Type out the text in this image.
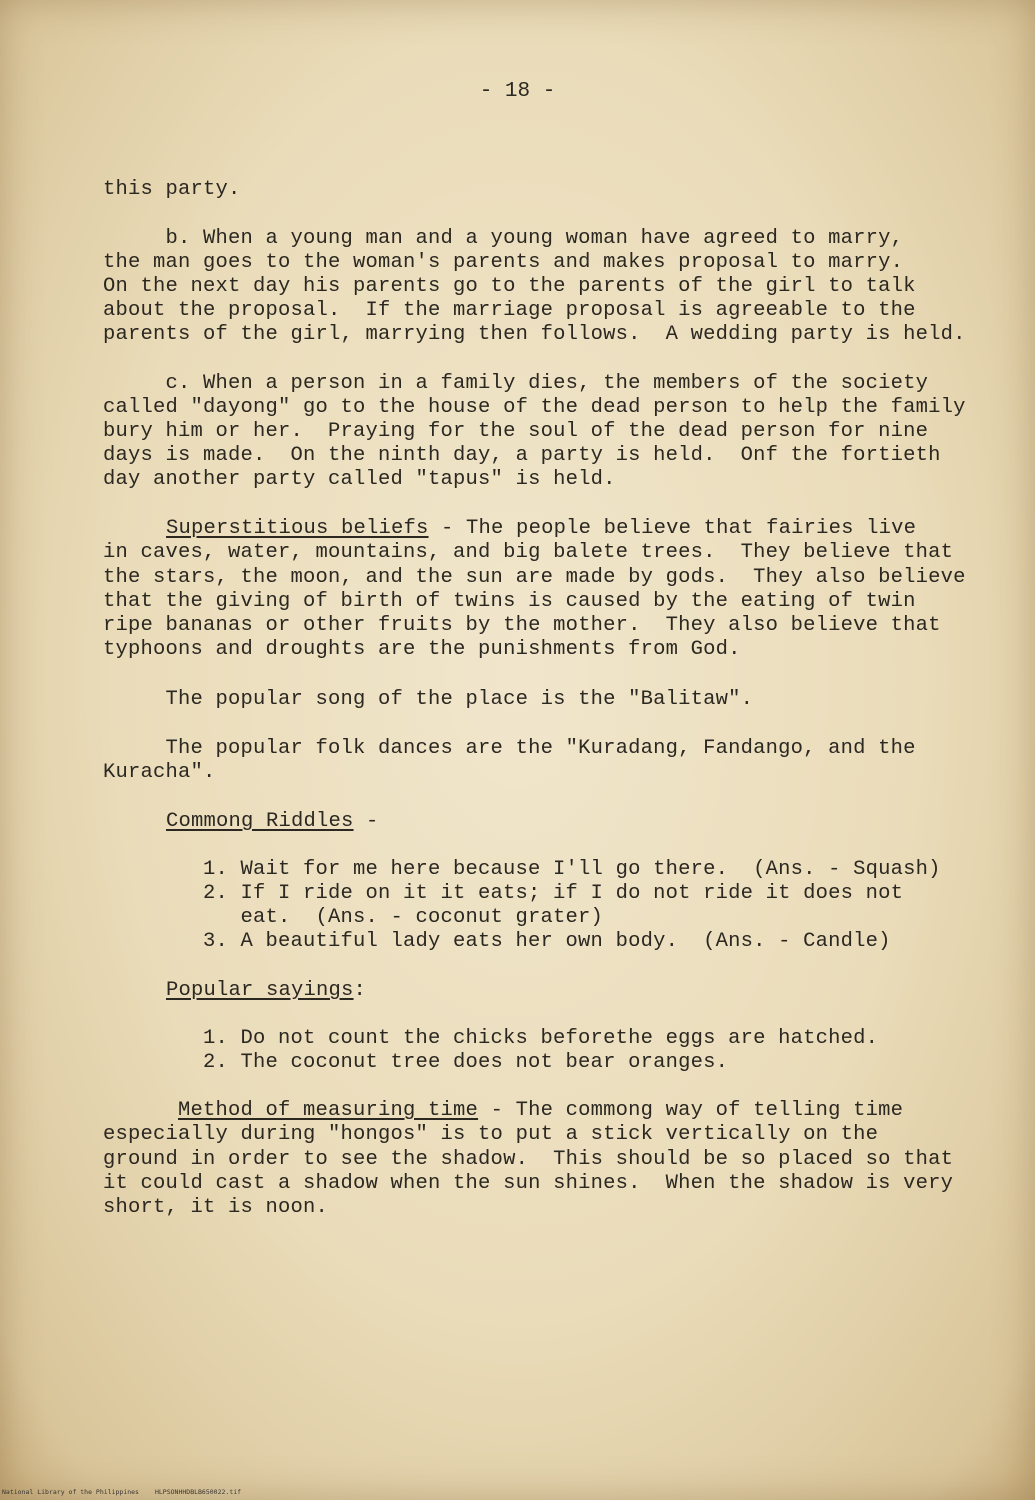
- 18 -
this party.
b. When a young man and a young woman have agreed to marry,
the man goes to the woman's parents and makes proposal to marry.
On the next day his parents go to the parents of the girl to talk
about the proposal.  If the marriage proposal is agreeable to the
parents of the girl, marrying then follows.  A wedding party is held.
c. When a person in a family dies, the members of the society
called "dayong" go to the house of the dead person to help the family
bury him or her.  Praying for the soul of the dead person for nine
days is made.  On the ninth day, a party is held.  Onf the fortieth
day another party called "tapus" is held.
Superstitious beliefs - The people believe that fairies live
in caves, water, mountains, and big balete trees.  They believe that
the stars, the moon, and the sun are made by gods.  They also believe
that the giving of birth of twins is caused by the eating of twin
ripe bananas or other fruits by the mother.  They also believe that
typhoons and droughts are the punishments from God.
The popular song of the place is the "Balitaw".
The popular folk dances are the "Kuradang, Fandango, and the
Kuracha".
Commong Riddles -
1. Wait for me here because I'll go there.  (Ans. - Squash)
2. If I ride on it it eats; if I do not ride it does not
eat.  (Ans. - coconut grater)
3. A beautiful lady eats her own body.  (Ans. - Candle)
Popular sayings:
1. Do not count the chicks beforethe eggs are hatched.
2. The coconut tree does not bear oranges.
Method of measuring time - The commong way of telling time
especially during "hongos" is to put a stick vertically on the
ground in order to see the shadow.  This should be so placed so that
it could cast a shadow when the sun shines.  When the shadow is very
short, it is noon.
National Library of the Philippines HLPSONHHDBLB650022.tif
